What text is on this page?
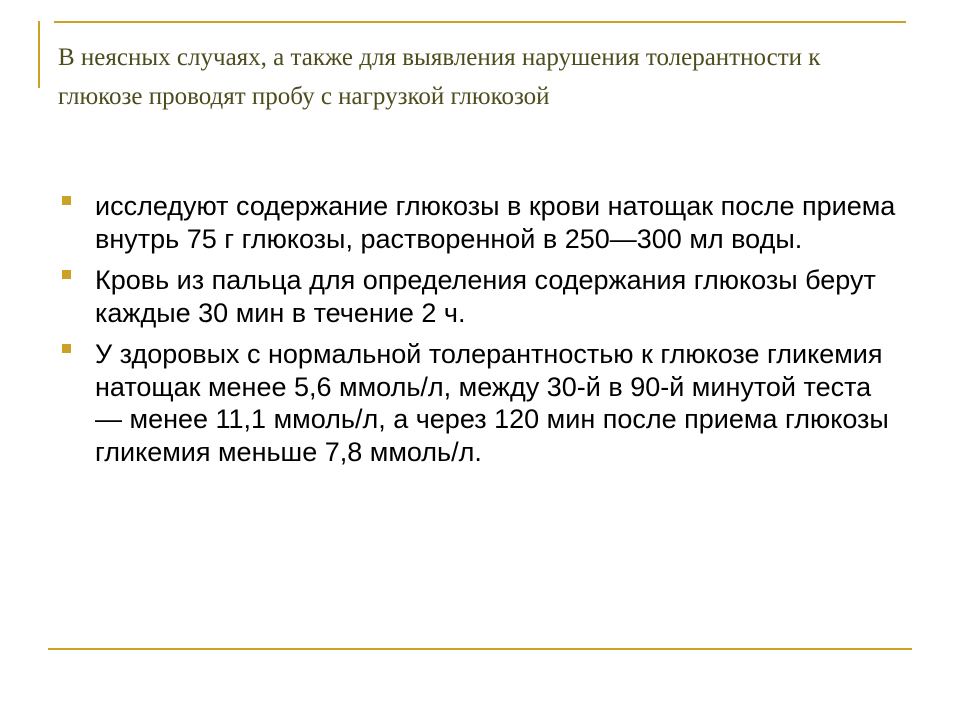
В неясных случаях, а также для выявления нарушения толерантности к глюкозе проводят пробу с нагрузкой глюкозой
исследуют содержание глюкозы в крови натощак после приема внутрь 75 г глюкозы, растворенной в 250—300 мл воды.
Кровь из пальца для определения содержания глюкозы берут каждые 30 мин в течение 2 ч.
У здоровых с нормальной толерантностью к глюкозе гликемия натощак менее 5,6 ммоль/л, между 30-й в 90-й минутой теста — менее 11,1 ммоль/л, а через 120 мин после приема глюкозы гликемия меньше 7,8 ммоль/л.
